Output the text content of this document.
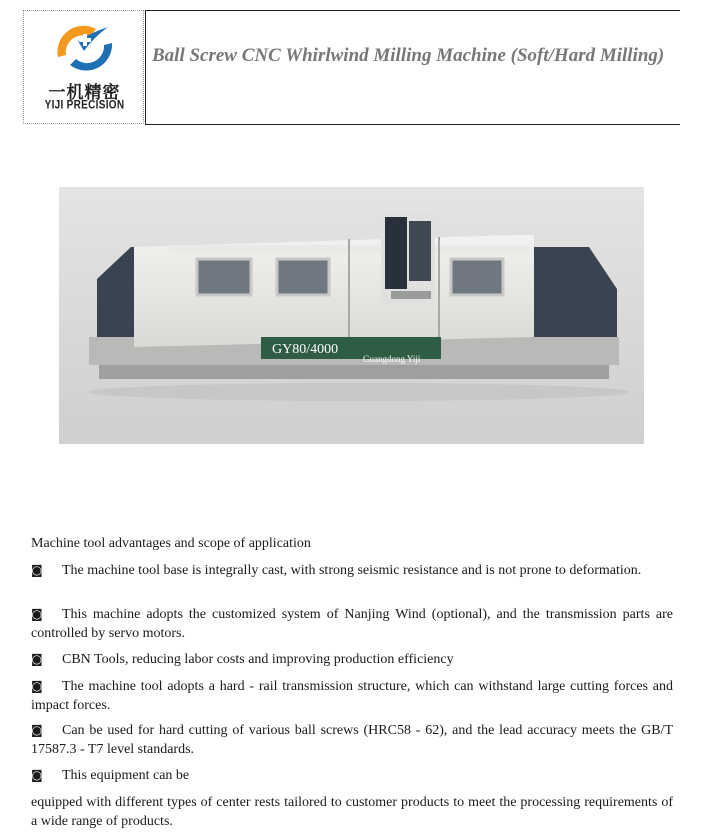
一机精密
YIJI PRECISION
Ball Screw CNC Whirlwind Milling Machine (Soft/Hard Milling)
GY80/4000
Guangdong Yiji
Machine tool advantages and scope of application
◙ The machine tool base is integrally cast, with strong seismic resistance and is not prone to deformation.
◙ This machine adopts the customized system of Nanjing Wind (optional), and the transmission parts are controlled by servo motors.
◙ CBN Tools, reducing labor costs and improving production efficiency
◙ The machine tool adopts a hard - rail transmission structure, which can withstand large cutting forces and impact forces.
◙ Can be used for hard cutting of various ball screws (HRC58 - 62), and the lead accuracy meets the GB/T 17587.3 - T7 level standards.
◙ This equipment can be
equipped with different types of center rests tailored to customer products to meet the processing requirements of a wide range of products.
